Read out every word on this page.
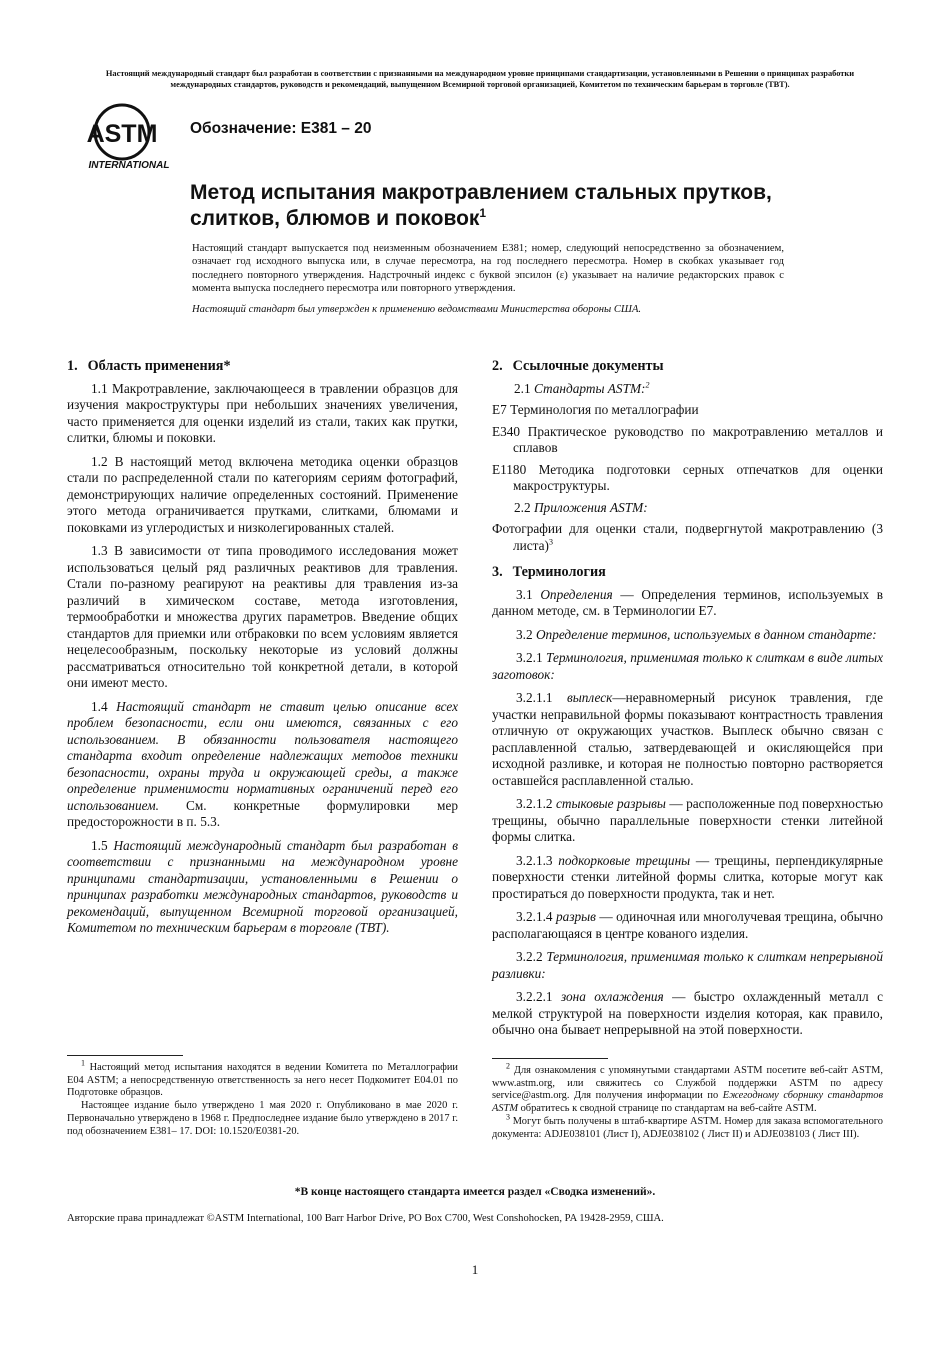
Настоящий международный стандарт был разработан в соответствии с признанными на международном уровне принципами стандартизации, установленными в Решении о принципах разработки международных стандартов, руководств и рекомендаций, выпущенном Всемирной торговой организацией, Комитетом по техническим барьерам в торговле (ТВТ).
ASTM
INTERNATIONAL
Обозначение: E381 – 20
Метод испытания макротравлением стальных прутков, слитков, блюмов и поковок$^1$
Настоящий стандарт выпускается под неизменным обозначением E381; номер, следующий непосредственно за обозначением, означает год исходного выпуска или, в случае пересмотра, на год последнего пересмотра. Номер в скобках указывает год последнего повторного утверждения. Надстрочный индекс с буквой эпсилон (ε) указывает на наличие редакторских правок с момента выпуска последнего пересмотра или повторного утверждения.
Настоящий стандарт был утвержден к применению ведомствами Министерства обороны США.
1. Область применения*

1.1 Макротравление, заключающееся в травлении образцов для изучения макроструктуры при небольших значениях увеличения, часто применяется для оценки изделий из стали, таких как прутки, слитки, блюмы и поковки.

1.2 В настоящий метод включена методика оценки образцов стали по распределенной стали по категориям сериям фотографий, демонстрирующих наличие определенных состояний. Применение этого метода ограничивается прутками, слитками, блюмами и поковками из углеродистых и низколегированных сталей.

1.3 В зависимости от типа проводимого исследования может использоваться целый ряд различных реактивов для травления. Стали по-разному реагируют на реактивы для травления из-за различий в химическом составе, метода изготовления, термообработки и множества других параметров. Введение общих стандартов для приемки или отбраковки по всем условиям является нецелесообразным, поскольку некоторые из условий должны рассматриваться относительно той конкретной детали, в которой они имеют место.

1.4 Настоящий стандарт не ставит целью описание всех проблем безопасности, если они имеются, связанных с его использованием. В обязанности пользователя настоящего стандарта входит определение надлежащих методов техники безопасности, охраны труда и окружающей среды, а также определение применимости нормативных ограничений перед его использованием. См. конкретные формулировки мер предосторожности в п. 5.3.

1.5 Настоящий международный стандарт был разработан в соответствии с признанными на международном уровне принципами стандартизации, установленными в Решении о принципах разработки международных стандартов, руководств и рекомендаций, выпущенном Всемирной торговой организацией, Комитетом по техническим барьерам в торговле (ТВТ).

2. Ссылочные документы

2.1 Стандарты ASTM:$^2$

E7 Терминология по металлографии

E340 Практическое руководство по макротравлению металлов и сплавов

E1180 Методика подготовки серных отпечатков для оценки макроструктуры.

2.2 Приложения ASTM:

Фотографии для оценки стали, подвергнутой макротравлению (3 листа)$^3$

3. Терминология

3.1 Определения — Определения терминов, используемых в данном методе, см. в Терминологии E7.

3.2 Определение терминов, используемых в данном стандарте:

3.2.1 Терминология, применимая только к слиткам в виде литых заготовок:

3.2.1.1 выплеск—неравномерный рисунок травления, где участки неправильной формы показывают контрастность травления отличную от окружающих участков. Выплеск обычно связан с расплавленной сталью, затвердевающей и окисляющейся при исходной разливке, и которая не полностью повторно растворяется оставшейся расплавленной сталью.

3.2.1.2 стыковые разрывы — расположенные под поверхностью трещины, обычно параллельные поверхности стенки литейной формы слитка.

3.2.1.3 подкорковые трещины — трещины, перпендикулярные поверхности стенки литейной формы слитка, которые могут как простираться до поверхности продукта, так и нет.

3.2.1.4 разрыв — одиночная или многолучевая трещина, обычно располагающаяся в центре кованого изделия.

3.2.2 Терминология, применимая только к слиткам непрерывной разливки:

3.2.2.1 зона охлаждения — быстро охлажденный металл с мелкой структурой на поверхности изделия которая, как правило, обычно она бывает непрерывной на этой поверхности.

$^1$ Настоящий метод испытания находятся в ведении Комитета по Металлографии E04 ASTM; а непосредственную ответственность за него несет Подкомитет E04.01 по Подготовке образцов.

Настоящее издание было утверждено 1 мая 2020 г. Опубликовано в мае 2020 г. Первоначально утверждено в 1968 г. Предпоследнее издание было утверждено в 2017 г. под обозначением E381– 17. DOI: 10.1520/E0381-20.

$^2$ Для ознакомления с упомянутыми стандартами ASTM посетите веб-сайт ASTM, www.astm.org, или свяжитесь со Службой поддержки ASTM по адресу service@astm.org. Для получения информации по Ежегодному сборнику стандартов ASTM обратитесь к сводной странице по стандартам на веб-сайте ASTM.

$^3$ Могут быть получены в штаб-квартире ASTM. Номер для заказа вспомогательного документа: ADJE038101 (Лист I), ADJE038102 ( Лист II) и ADJE038103 ( Лист III).

*В конце настоящего стандарта имеется раздел «Сводка изменений».
Авторские права принадлежат ©ASTM International, 100 Barr Harbor Drive, PO Box C700, West Conshohocken, PA 19428-2959, США.
1
